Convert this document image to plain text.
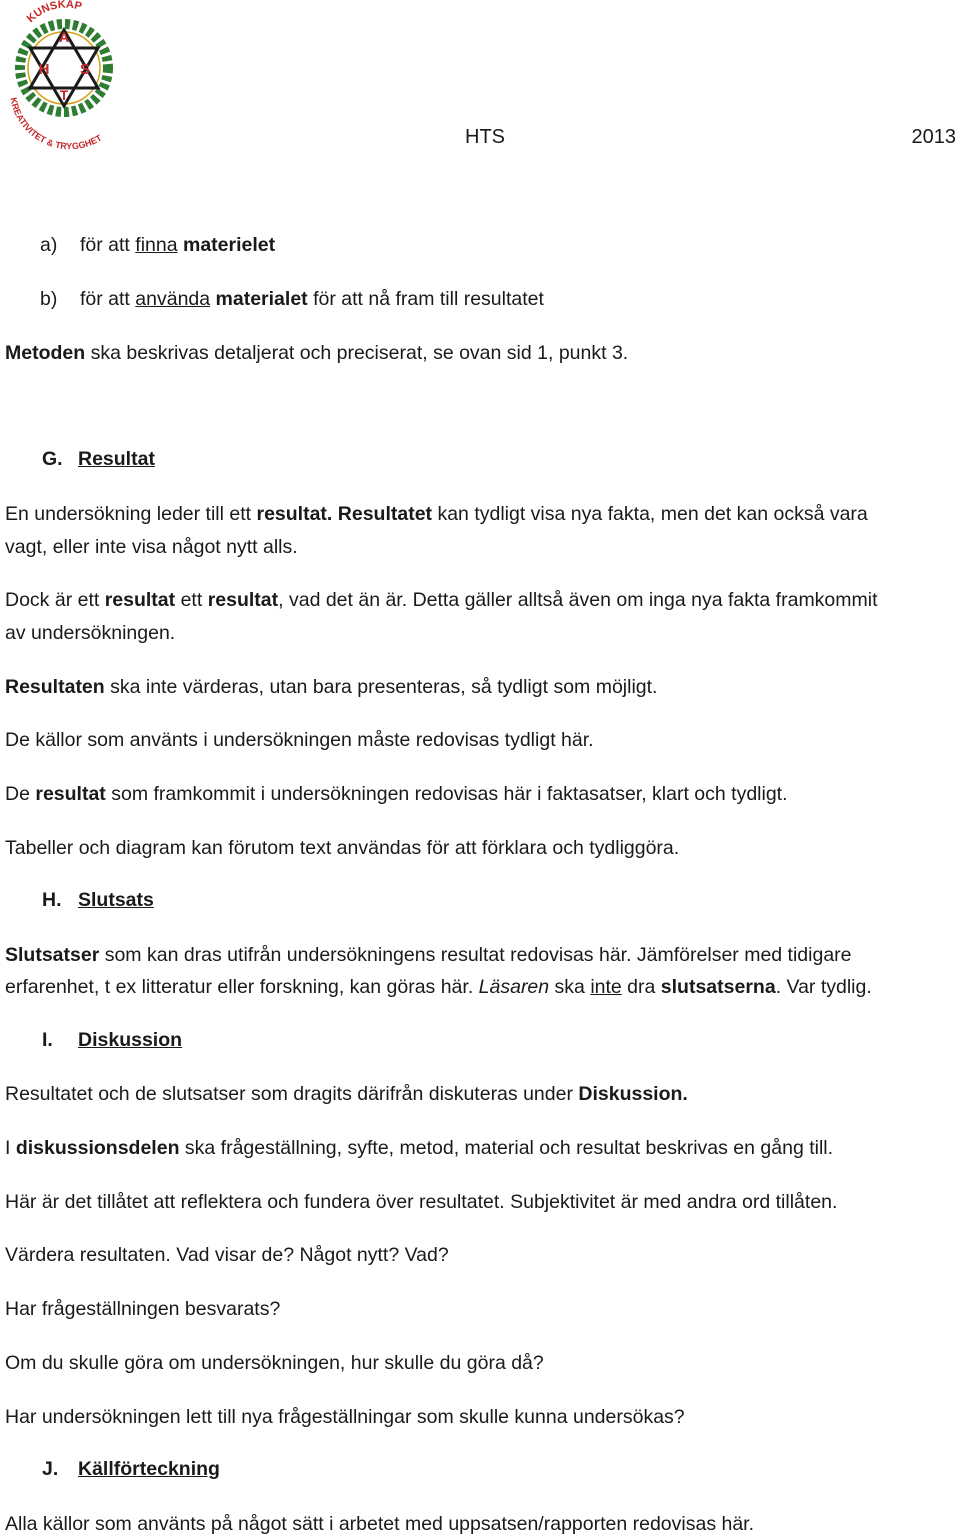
KUNSKAP
A
H S
T
KREATIVITET & TRYGGHET	HTS	2013
a) för att finna materielet
b) för att använda materialet för att nå fram till resultatet
Metoden ska beskrivas detaljerat och preciserat, se ovan sid 1, punkt 3.
G. Resultat
En undersökning leder till ett resultat. Resultatet kan tydligt visa nya fakta, men det kan också vara
vagt, eller inte visa något nytt alls.
Dock är ett resultat ett resultat, vad det än är. Detta gäller alltså även om inga nya fakta framkommit
av undersökningen.
Resultaten ska inte värderas, utan bara presenteras, så tydligt som möjligt.
De källor som använts i undersökningen måste redovisas tydligt här.
De resultat som framkommit i undersökningen redovisas här i faktasatser, klart och tydligt.
Tabeller och diagram kan förutom text användas för att förklara och tydliggöra.
H. Slutsats
Slutsatser som kan dras utifrån undersökningens resultat redovisas här. Jämförelser med tidigare
erfarenhet, t ex litteratur eller forskning, kan göras här. Läsaren ska inte dra slutsatserna. Var tydlig.
I. Diskussion
Resultatet och de slutsatser som dragits därifrån diskuteras under Diskussion.
I diskussionsdelen ska frågeställning, syfte, metod, material och resultat beskrivas en gång till.
Här är det tillåtet att reflektera och fundera över resultatet. Subjektivitet är med andra ord tillåten.
Värdera resultaten. Vad visar de? Något nytt? Vad?
Har frågeställningen besvarats?
Om du skulle göra om undersökningen, hur skulle du göra då?
Har undersökningen lett till nya frågeställningar som skulle kunna undersökas?
J. Källförteckning
Alla källor som använts på något sätt i arbetet med uppsatsen/rapporten redovisas här.
